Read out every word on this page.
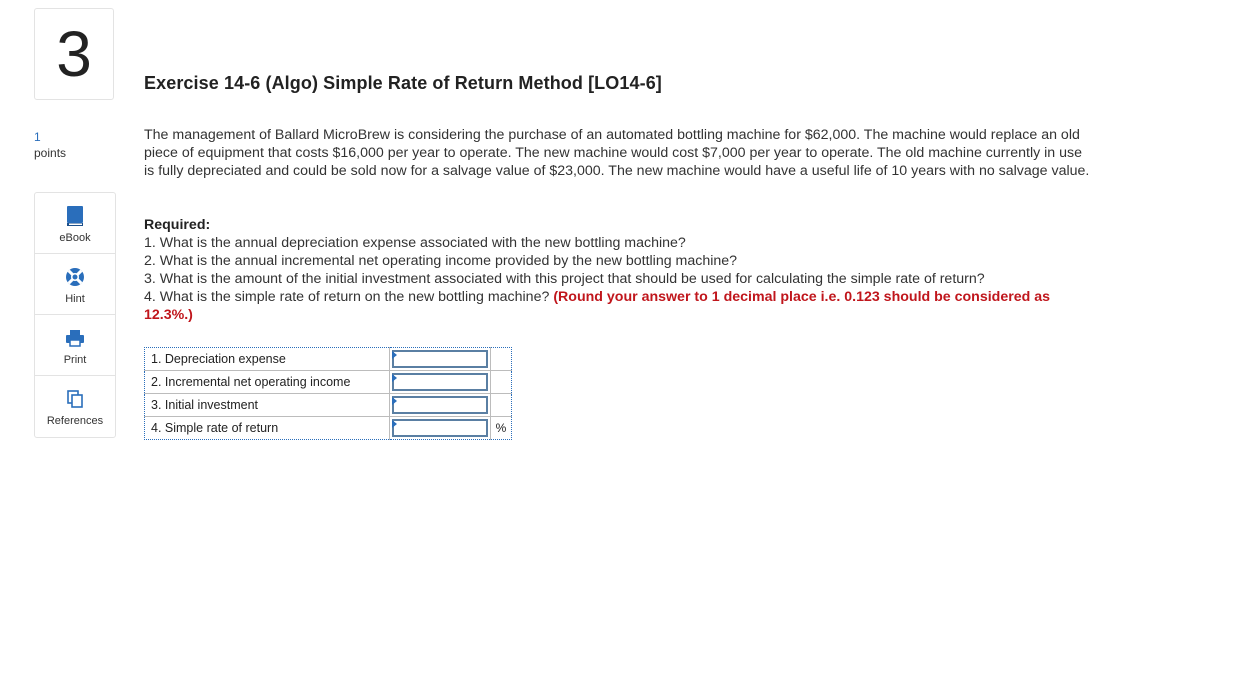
3
1
points
eBook
Hint
Print
References
Exercise 14-6 (Algo) Simple Rate of Return Method [LO14-6]
The management of Ballard MicroBrew is considering the purchase of an automated bottling machine for $62,000. The machine would replace an old piece of equipment that costs $16,000 per year to operate. The new machine would cost $7,000 per year to operate. The old machine currently in use is fully depreciated and could be sold now for a salvage value of $23,000. The new machine would have a useful life of 10 years with no salvage value.
Required:
1. What is the annual depreciation expense associated with the new bottling machine?
2. What is the annual incremental net operating income provided by the new bottling machine?
3. What is the amount of the initial investment associated with this project that should be used for calculating the simple rate of return?
4. What is the simple rate of return on the new bottling machine? (Round your answer to 1 decimal place i.e. 0.123 should be considered as 12.3%.)
1. Depreciation expense	

2. Incremental net operating income	

3. Initial investment	

4. Simple rate of return		%
